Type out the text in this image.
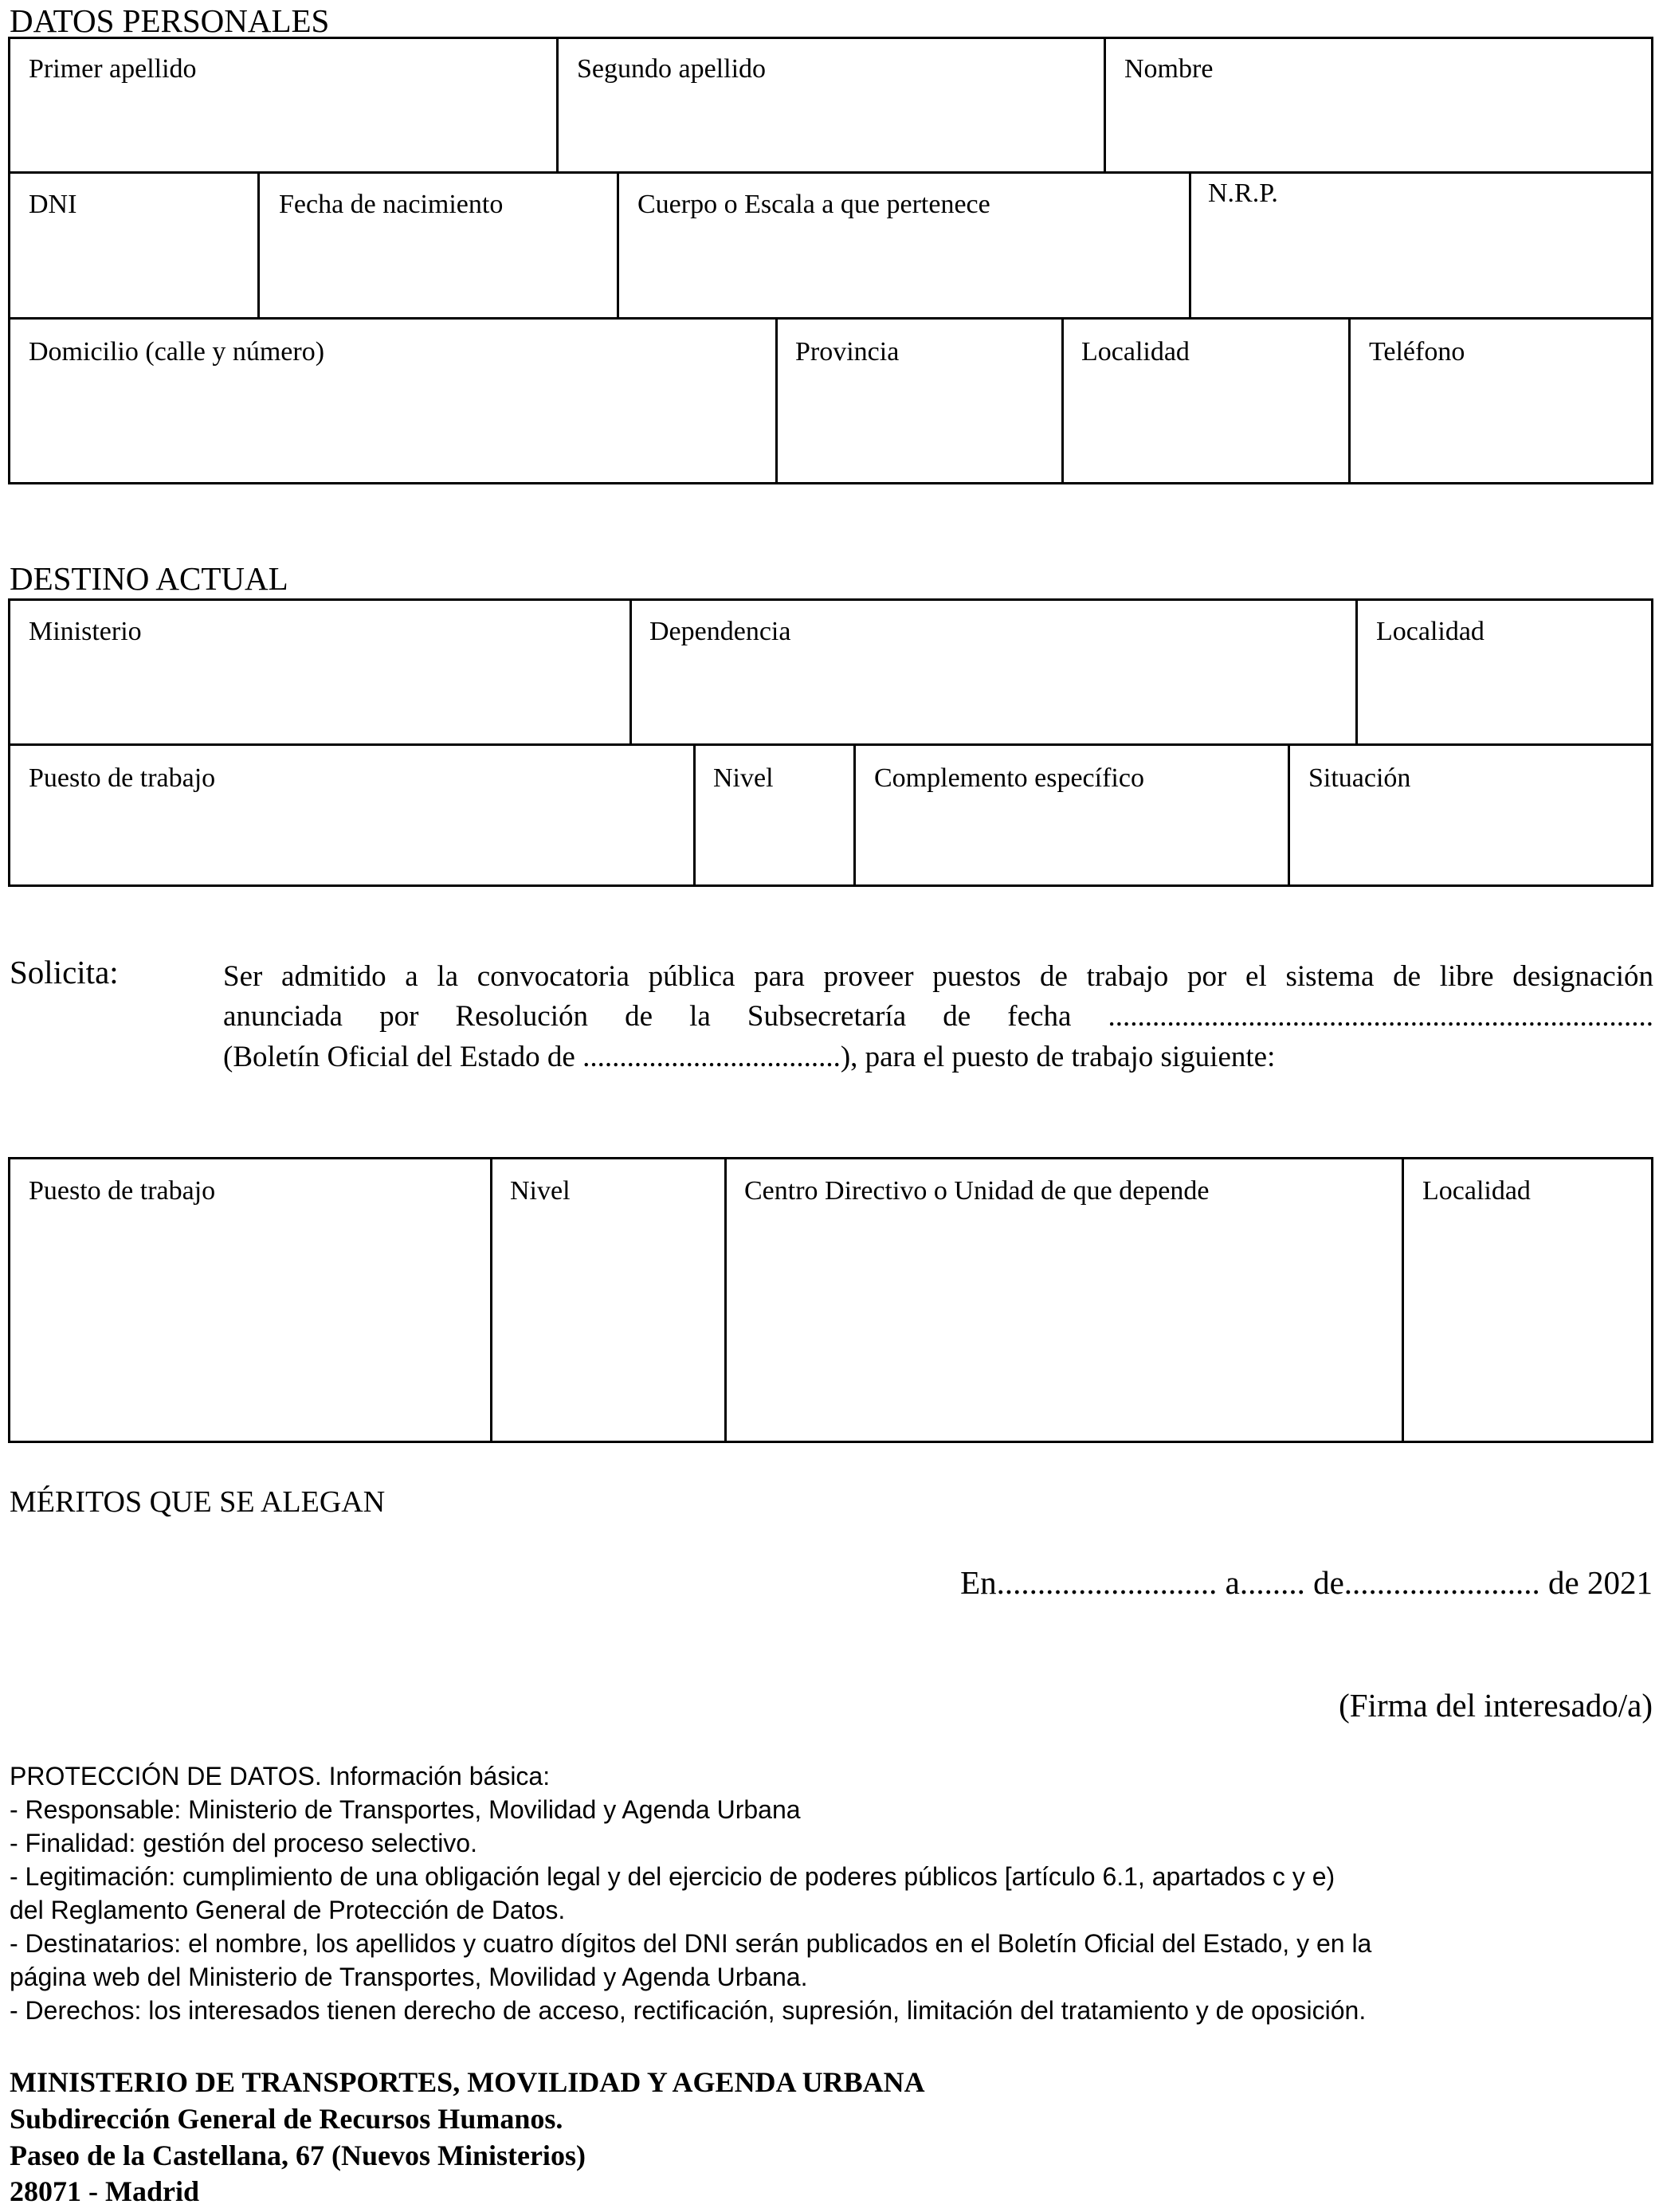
DATOS PERSONALES
Primer apellido	Segundo apellido	Nombre
DNI	Fecha de nacimiento	Cuerpo o Escala a que pertenece	N.R.P.
Domicilio (calle y número)	Provincia	Localidad	Teléfono
DESTINO ACTUAL
Ministerio	Dependencia	Localidad
Puesto de trabajo	Nivel	Complemento específico	Situación
Solicita:	Ser admitido a la convocatoria pública para proveer puestos de trabajo por el sistema de libre designación
anunciada por Resolución de la Subsecretaría de fecha ..........................................................................
(Boletín Oficial del Estado de ...................................), para el puesto de trabajo siguiente:
Puesto de trabajo	Nivel	Centro Directivo o Unidad de que depende	Localidad
MÉRITOS QUE SE ALEGAN
En........................... a........ de........................ de 2021
(Firma del interesado/a)
PROTECCIÓN DE DATOS. Información básica:
- Responsable: Ministerio de Transportes, Movilidad y Agenda Urbana
- Finalidad: gestión del proceso selectivo.
- Legitimación: cumplimiento de una obligación legal y del ejercicio de poderes públicos [artículo 6.1, apartados c y e)
del Reglamento General de Protección de Datos.
- Destinatarios: el nombre, los apellidos y cuatro dígitos del DNI serán publicados en el Boletín Oficial del Estado, y en la
página web del Ministerio de Transportes, Movilidad y Agenda Urbana.
- Derechos: los interesados tienen derecho de acceso, rectificación, supresión, limitación del tratamiento y de oposición.
MINISTERIO DE TRANSPORTES, MOVILIDAD Y AGENDA URBANA
Subdirección General de Recursos Humanos.
Paseo de la Castellana, 67 (Nuevos Ministerios)
28071 - Madrid
